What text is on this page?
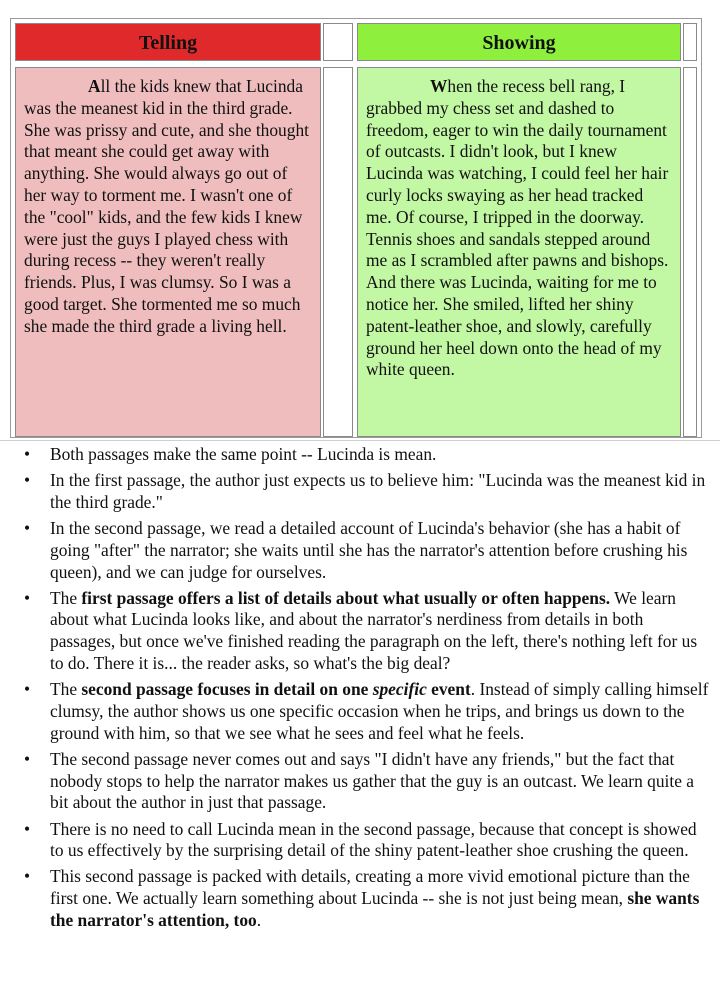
Telling	Showing

All the kids knew that Lucinda was the meanest kid in the third grade. She was prissy and cute, and she thought that meant she could get away with anything. She would always go out of her way to torment me. I wasn't one of the "cool" kids, and the few kids I knew were just the guys I played chess with during recess -- they weren't really friends. Plus, I was clumsy. So I was a good target. She tormented me so much she made the third grade a living hell.

When the recess bell rang, I grabbed my chess set and dashed to freedom, eager to win the daily tournament of outcasts. I didn't look, but I knew Lucinda was watching, I could feel her hair curly locks swaying as her head tracked me. Of course, I tripped in the doorway. Tennis shoes and sandals stepped around me as I scrambled after pawns and bishops. And there was Lucinda, waiting for me to notice her. She smiled, lifted her shiny patent-leather shoe, and slowly, carefully ground her heel down onto the head of my white queen.

• Both passages make the same point -- Lucinda is mean.
• In the first passage, the author just expects us to believe him: "Lucinda was the meanest kid in the third grade."
• In the second passage, we read a detailed account of Lucinda's behavior (she has a habit of going "after" the narrator; she waits until she has the narrator's attention before crushing his queen), and we can judge for ourselves.
• The first passage offers a list of details about what usually or often happens. We learn about what Lucinda looks like, and about the narrator's nerdiness from details in both passages, but once we've finished reading the paragraph on the left, there's nothing left for us to do. There it is... the reader asks, so what's the big deal?
• The second passage focuses in detail on one specific event. Instead of simply calling himself clumsy, the author shows us one specific occasion when he trips, and brings us down to the ground with him, so that we see what he sees and feel what he feels.
• The second passage never comes out and says "I didn't have any friends," but the fact that nobody stops to help the narrator makes us gather that the guy is an outcast. We learn quite a bit about the author in just that passage.
• There is no need to call Lucinda mean in the second passage, because that concept is showed to us effectively by the surprising detail of the shiny patent-leather shoe crushing the queen.
• This second passage is packed with details, creating a more vivid emotional picture than the first one. We actually learn something about Lucinda -- she is not just being mean, she wants the narrator's attention, too.
